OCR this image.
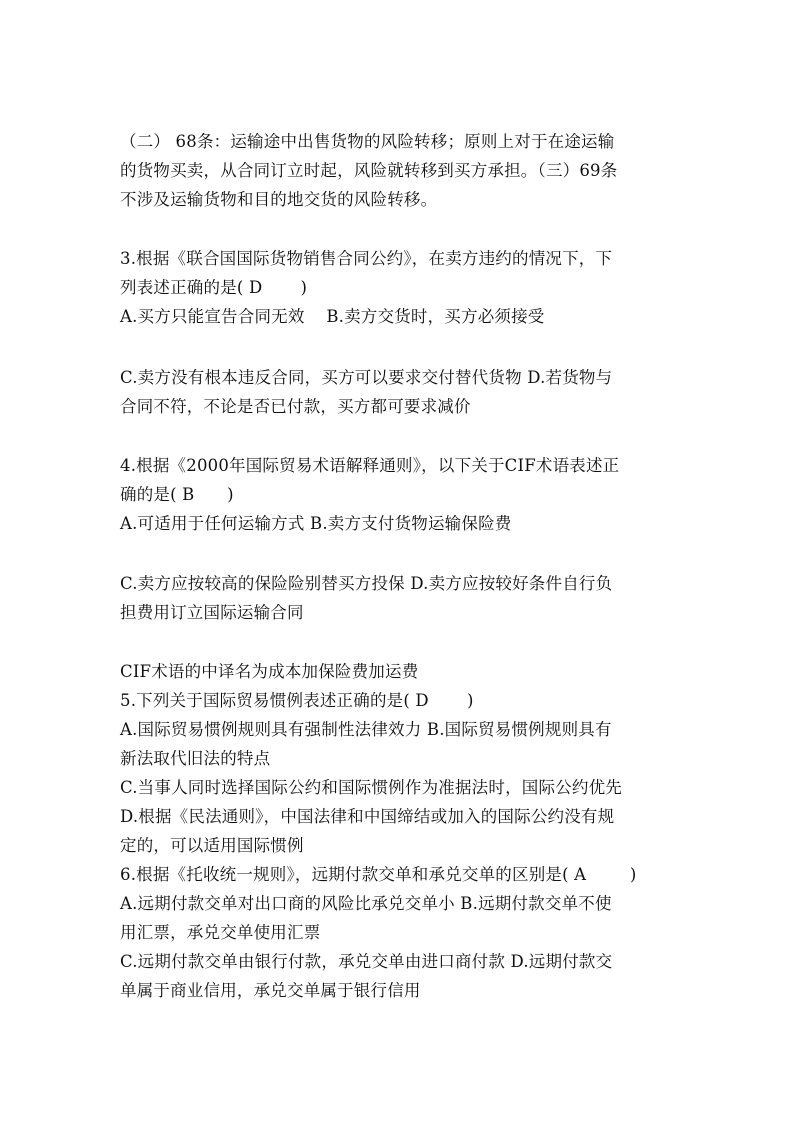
（二） 68条：运输途中出售货物的风险转移；原则上对于在途运输
的货物买卖，从合同订立时起，风险就转移到买方承担。（三）69条
不涉及运输货物和目的地交货的风险转移。
3.根据《联合国国际货物销售合同公约》，在卖方违约的情况下，下
列表述正确的是( D       )
A.买方只能宣告合同无效    B.卖方交货时，买方必须接受
C.卖方没有根本违反合同，买方可以要求交付替代货物 D.若货物与
合同不符，不论是否已付款，买方都可要求减价
4.根据《2000年国际贸易术语解释通则》，以下关于CIF术语表述正
确的是( B      )
A.可适用于任何运输方式 B.卖方支付货物运输保险费
C.卖方应按较高的保险险别替买方投保 D.卖方应按较好条件自行负
担费用订立国际运输合同
CIF术语的中译名为成本加保险费加运费
5.下列关于国际贸易惯例表述正确的是( D       )
A.国际贸易惯例规则具有强制性法律效力 B.国际贸易惯例规则具有
新法取代旧法的特点
C.当事人同时选择国际公约和国际惯例作为准据法时，国际公约优先
D.根据《民法通则》，中国法律和中国缔结或加入的国际公约没有规
定的，可以适用国际惯例
6.根据《托收统一规则》，远期付款交单和承兑交单的区别是( A        )
A.远期付款交单对出口商的风险比承兑交单小 B.远期付款交单不使
用汇票，承兑交单使用汇票
C.远期付款交单由银行付款，承兑交单由进口商付款 D.远期付款交
单属于商业信用，承兑交单属于银行信用
